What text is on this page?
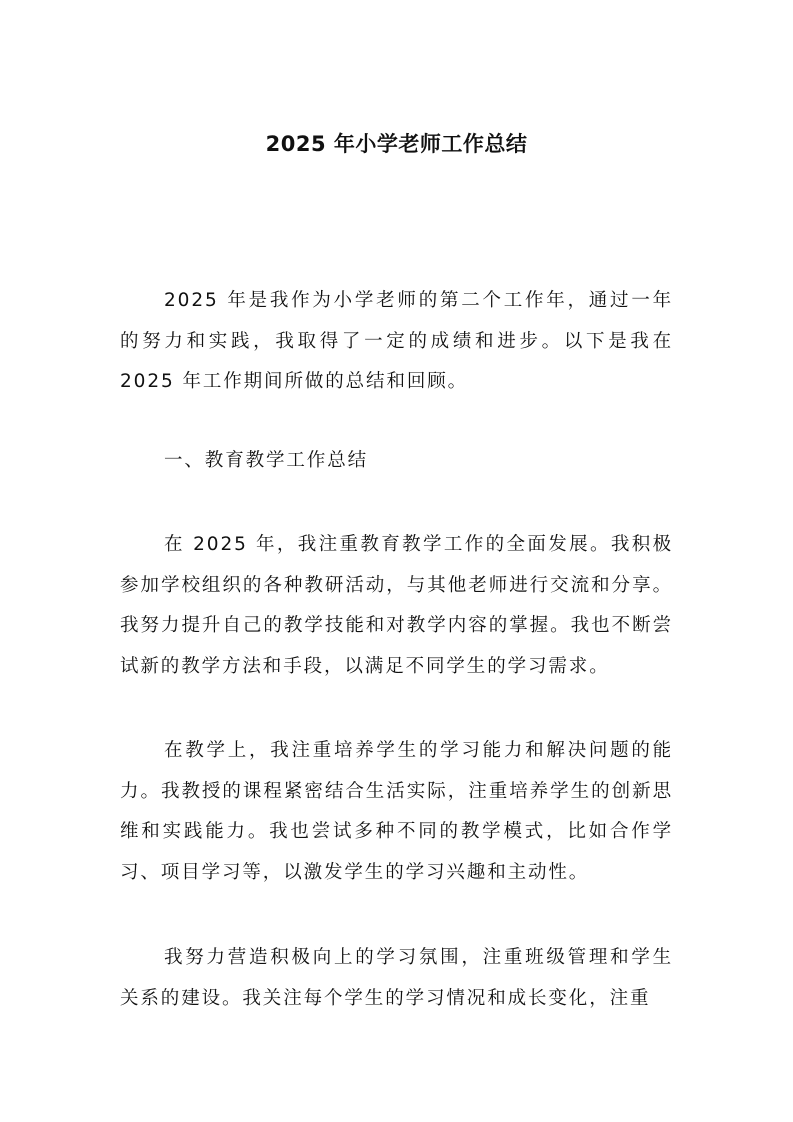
2025 年小学老师工作总结

2025 年是我作为小学老师的第二个工作年，通过一年的努力和实践，我取得了一定的成绩和进步。以下是我在 2025 年工作期间所做的总结和回顾。

一、教育教学工作总结

在 2025 年，我注重教育教学工作的全面发展。我积极参加学校组织的各种教研活动，与其他老师进行交流和分享。我努力提升自己的教学技能和对教学内容的掌握。我也不断尝试新的教学方法和手段，以满足不同学生的学习需求。

在教学上，我注重培养学生的学习能力和解决问题的能力。我教授的课程紧密结合生活实际，注重培养学生的创新思维和实践能力。我也尝试多种不同的教学模式，比如合作学习、项目学习等，以激发学生的学习兴趣和主动性。

我努力营造积极向上的学习氛围，注重班级管理和学生关系的建设。我关注每个学生的学习情况和成长变化，注重
